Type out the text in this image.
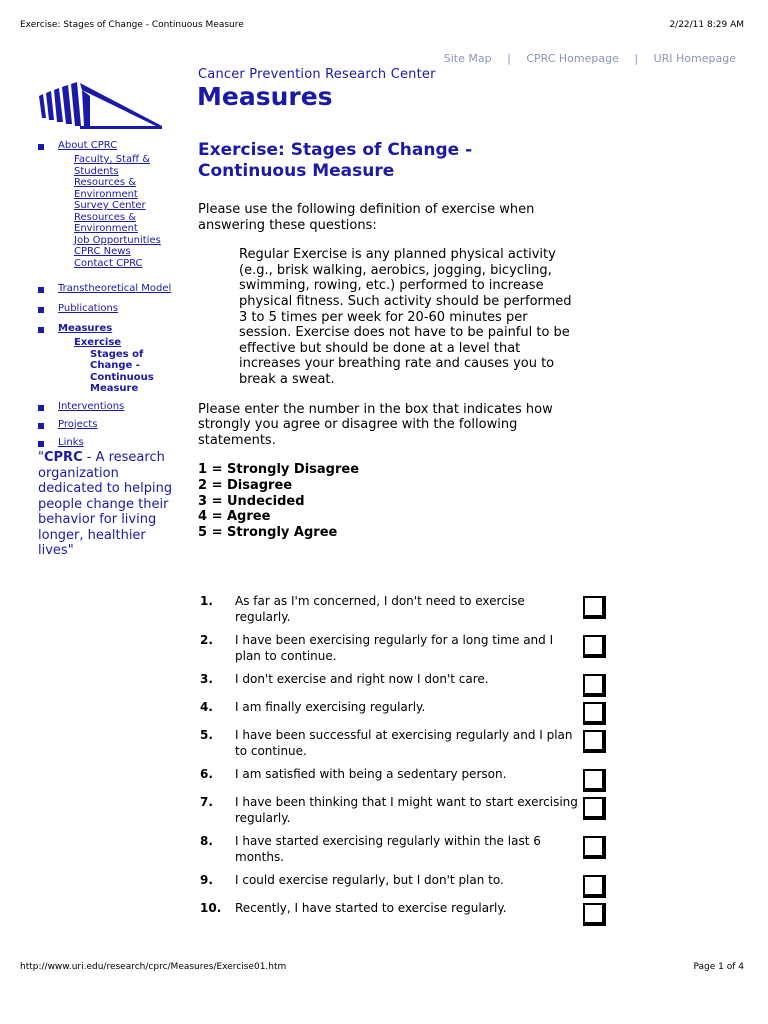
Exercise: Stages of Change - Continuous Measure	2/22/11 8:29 AM
Site Map | CPRC Homepage | URI Homepage
Cancer Prevention Research Center
Measures
About CPRC
Faculty, Staff &
Students
Resources &
Environment
Survey Center
Resources &
Environment
Job Opportunities
CPRC News
Contact CPRC
Transtheoretical Model
Publications
Measures
Exercise
Stages of
Change -
Continuous
Measure
Interventions
Projects
Links
"CPRC - A research organization dedicated to helping people change their behavior for living longer, healthier lives"
Exercise: Stages of Change -
Continuous Measure
Please use the following definition of exercise when answering these questions:
Regular Exercise is any planned physical activity (e.g., brisk walking, aerobics, jogging, bicycling, swimming, rowing, etc.) performed to increase physical fitness. Such activity should be performed 3 to 5 times per week for 20-60 minutes per session. Exercise does not have to be painful to be effective but should be done at a level that increases your breathing rate and causes you to break a sweat.
Please enter the number in the box that indicates how strongly you agree or disagree with the following statements.
1 = Strongly Disagree
2 = Disagree
3 = Undecided
4 = Agree
5 = Strongly Agree
1.	As far as I'm concerned, I don't need to exercise regularly.
2.	I have been exercising regularly for a long time and I plan to continue.
3.	I don't exercise and right now I don't care.
4.	I am finally exercising regularly.
5.	I have been successful at exercising regularly and I plan to continue.
6.	I am satisfied with being a sedentary person.
7.	I have been thinking that I might want to start exercising regularly.
8.	I have started exercising regularly within the last 6 months.
9.	I could exercise regularly, but I don't plan to.
10.	Recently, I have started to exercise regularly.
http://www.uri.edu/research/cprc/Measures/Exercise01.htm	Page 1 of 4
